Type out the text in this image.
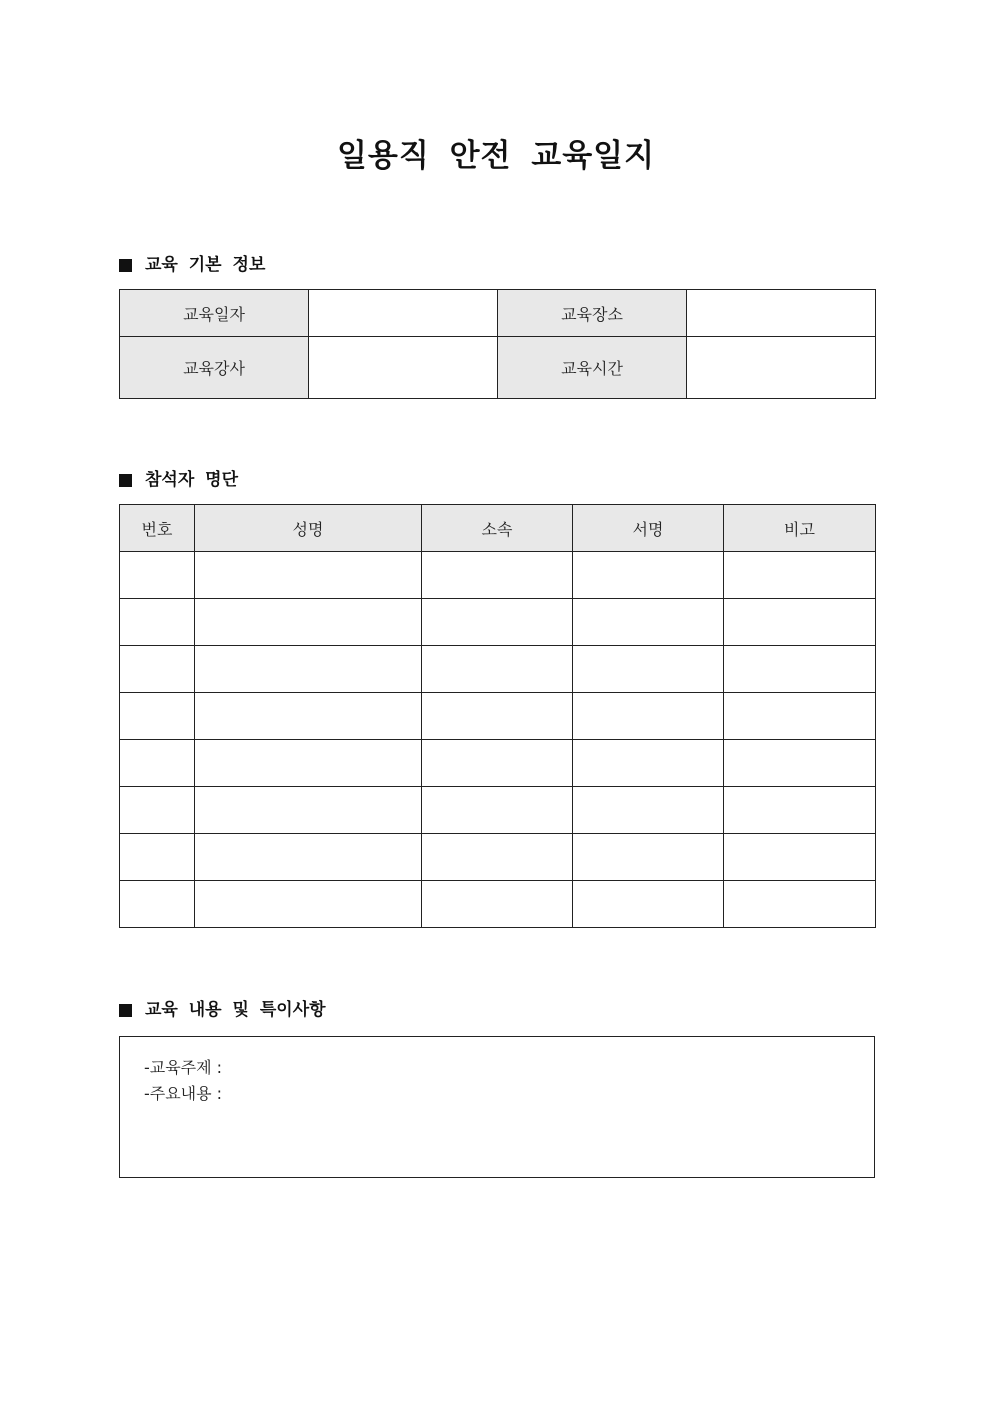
일용직 안전 교육일지
교육 기본 정보
교육일자		교육장소	
교육강사		교육시간	
참석자 명단
번호	성명	소속	서명	비고

교육 내용 및 특이사항
-교육주제 :
-주요내용 :
